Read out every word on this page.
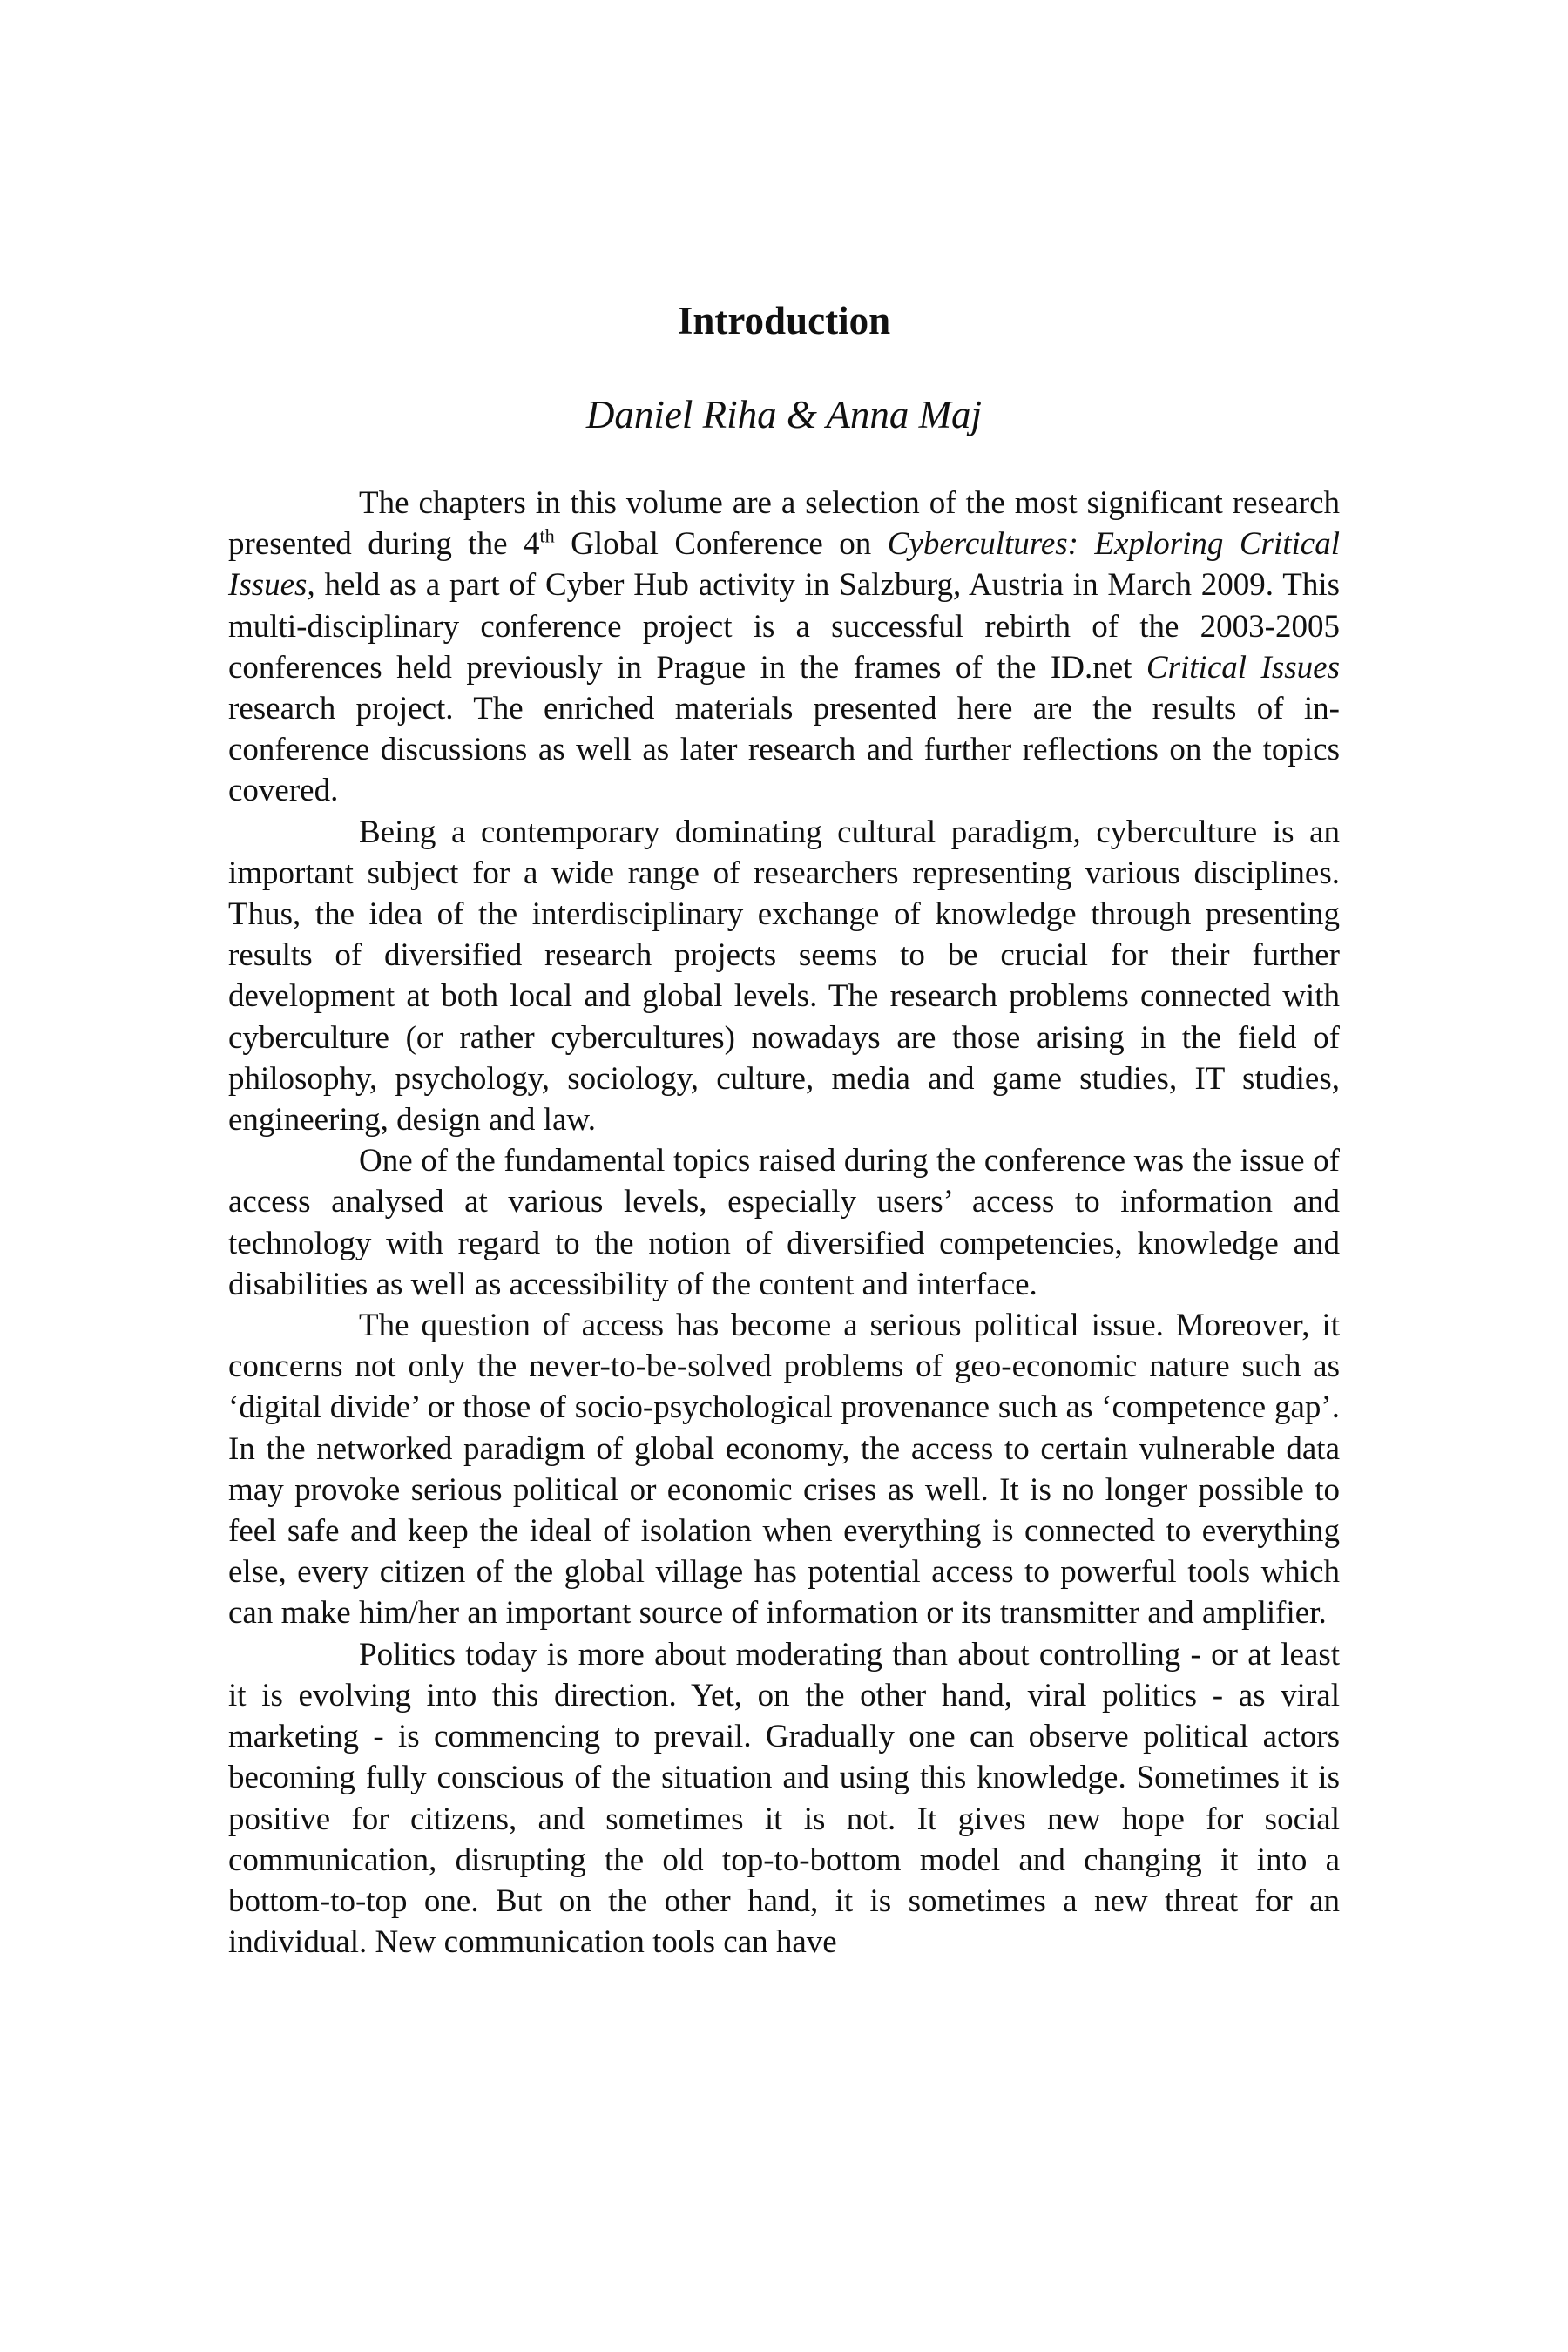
Introduction
Daniel Riha & Anna Maj

The chapters in this volume are a selection of the most significant research presented during the 4th Global Conference on Cybercultures: Exploring Critical Issues, held as a part of Cyber Hub activity in Salzburg, Austria in March 2009. This multi-disciplinary conference project is a successful rebirth of the 2003-2005 conferences held previously in Prague in the frames of the ID.net Critical Issues research project. The enriched materials presented here are the results of in-conference discussions as well as later research and further reflections on the topics covered.

Being a contemporary dominating cultural paradigm, cyberculture is an important subject for a wide range of researchers representing various disciplines. Thus, the idea of the interdisciplinary exchange of knowledge through presenting results of diversified research projects seems to be crucial for their further development at both local and global levels. The research problems connected with cyberculture (or rather cybercultures) nowadays are those arising in the field of philosophy, psychology, sociology, culture, media and game studies, IT studies, engineering, design and law.

One of the fundamental topics raised during the conference was the issue of access analysed at various levels, especially users’ access to information and technology with regard to the notion of diversified competencies, knowledge and disabilities as well as accessibility of the content and interface.

The question of access has become a serious political issue. Moreover, it concerns not only the never-to-be-solved problems of geo-economic nature such as ‘digital divide’ or those of socio-psychological provenance such as ‘competence gap’. In the networked paradigm of global economy, the access to certain vulnerable data may provoke serious political or economic crises as well. It is no longer possible to feel safe and keep the ideal of isolation when everything is connected to everything else, every citizen of the global village has potential access to powerful tools which can make him/her an important source of information or its transmitter and amplifier.

Politics today is more about moderating than about controlling - or at least it is evolving into this direction. Yet, on the other hand, viral politics - as viral marketing - is commencing to prevail. Gradually one can observe political actors becoming fully conscious of the situation and using this knowledge. Sometimes it is positive for citizens, and sometimes it is not. It gives new hope for social communication, disrupting the old top-to-bottom model and changing it into a bottom-to-top one. But on the other hand, it is sometimes a new threat for an individual. New communication tools can have
